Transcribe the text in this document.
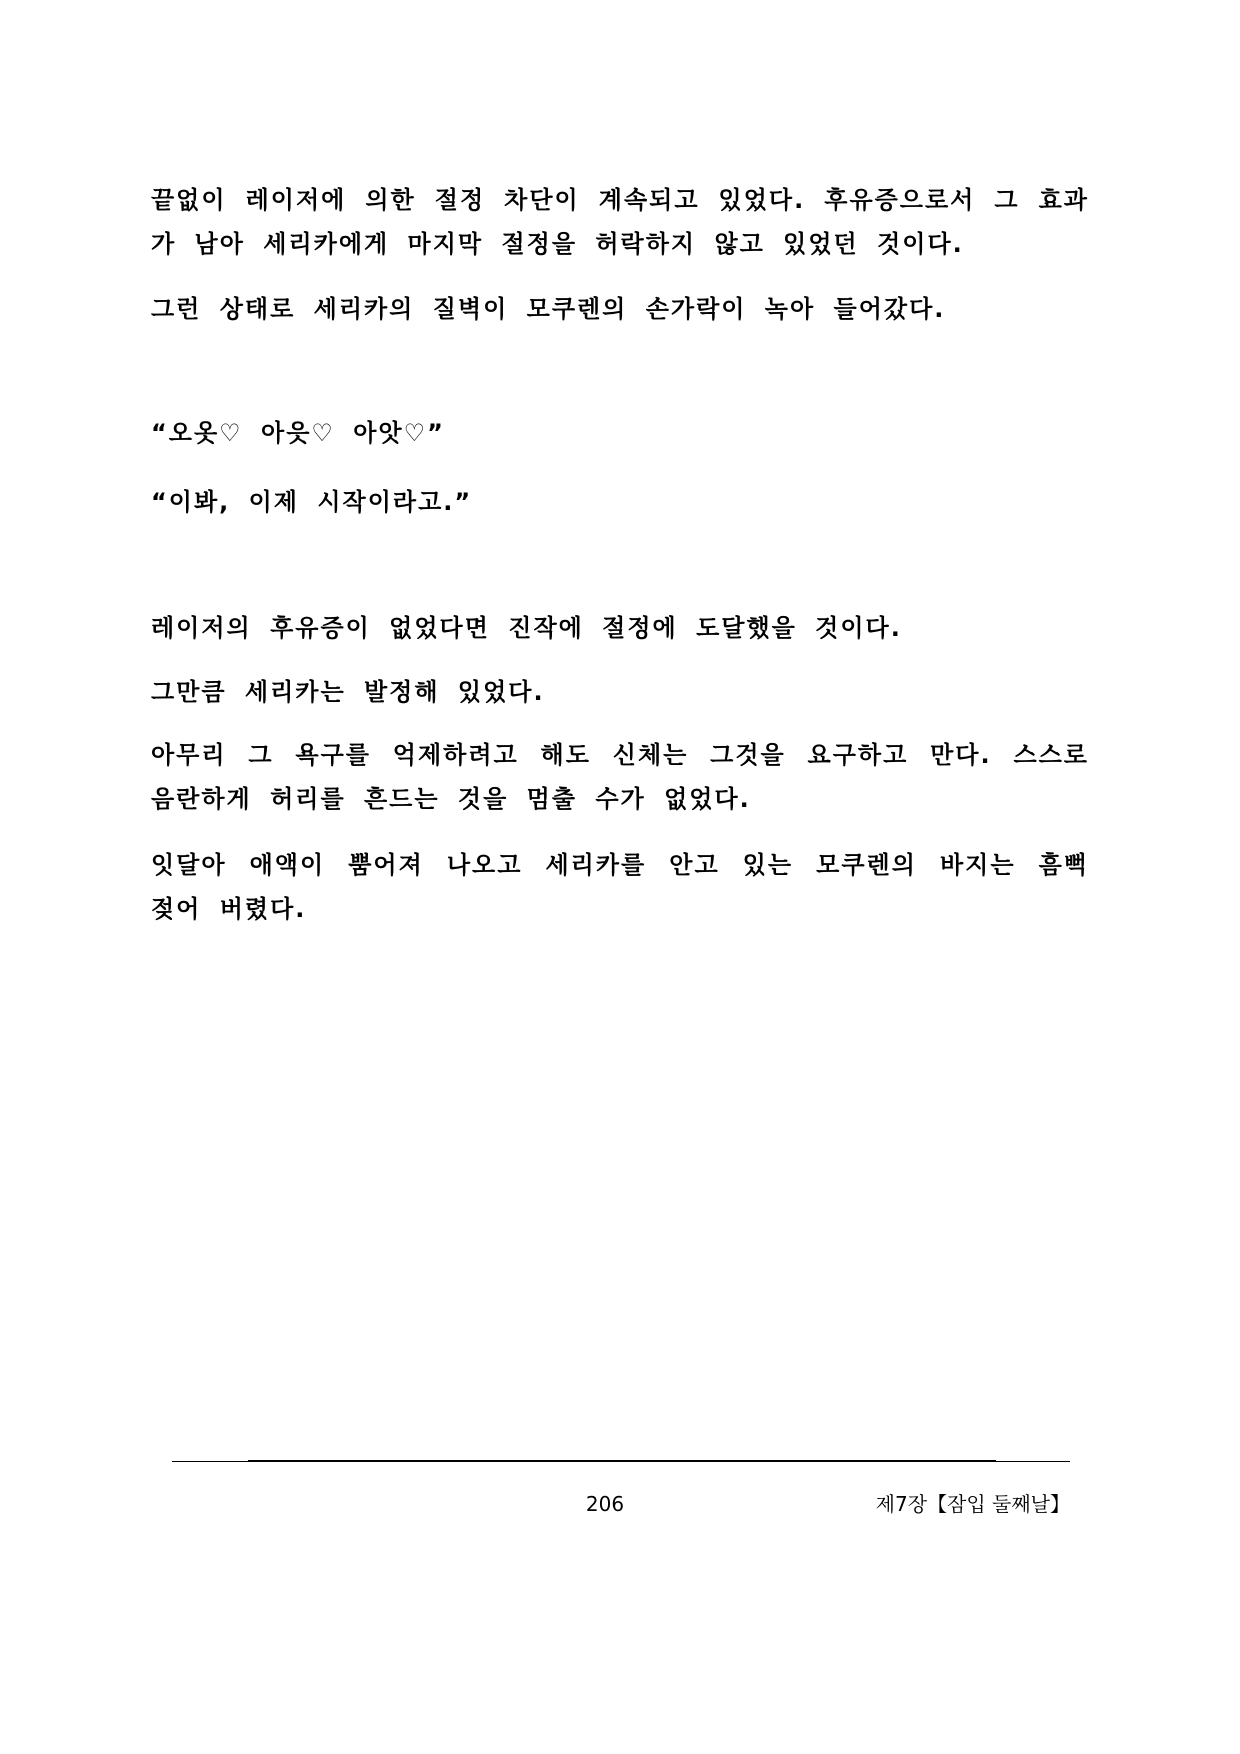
끝없이 레이저에 의한 절정 차단이 계속되고 있었다. 후유증으로서 그 효과가 남아 세리카에게 마지막 절정을 허락하지 않고 있었던 것이다.

그런 상태로 세리카의 질벽이 모쿠렌의 손가락이 녹아 들어갔다.

“오옷♡ 아읏♡ 아앗♡”

“이봐, 이제 시작이라고.”

레이저의 후유증이 없었다면 진작에 절정에 도달했을 것이다.

그만큼 세리카는 발정해 있었다.

아무리 그 욕구를 억제하려고 해도 신체는 그것을 요구하고 만다. 스스로 음란하게 허리를 흔드는 것을 멈출 수가 없었다.

잇달아 애액이 뿜어져 나오고 세리카를 안고 있는 모쿠렌의 바지는 흠뻑 젖어 버렸다.

206	제7장【잠입 둘째날】
